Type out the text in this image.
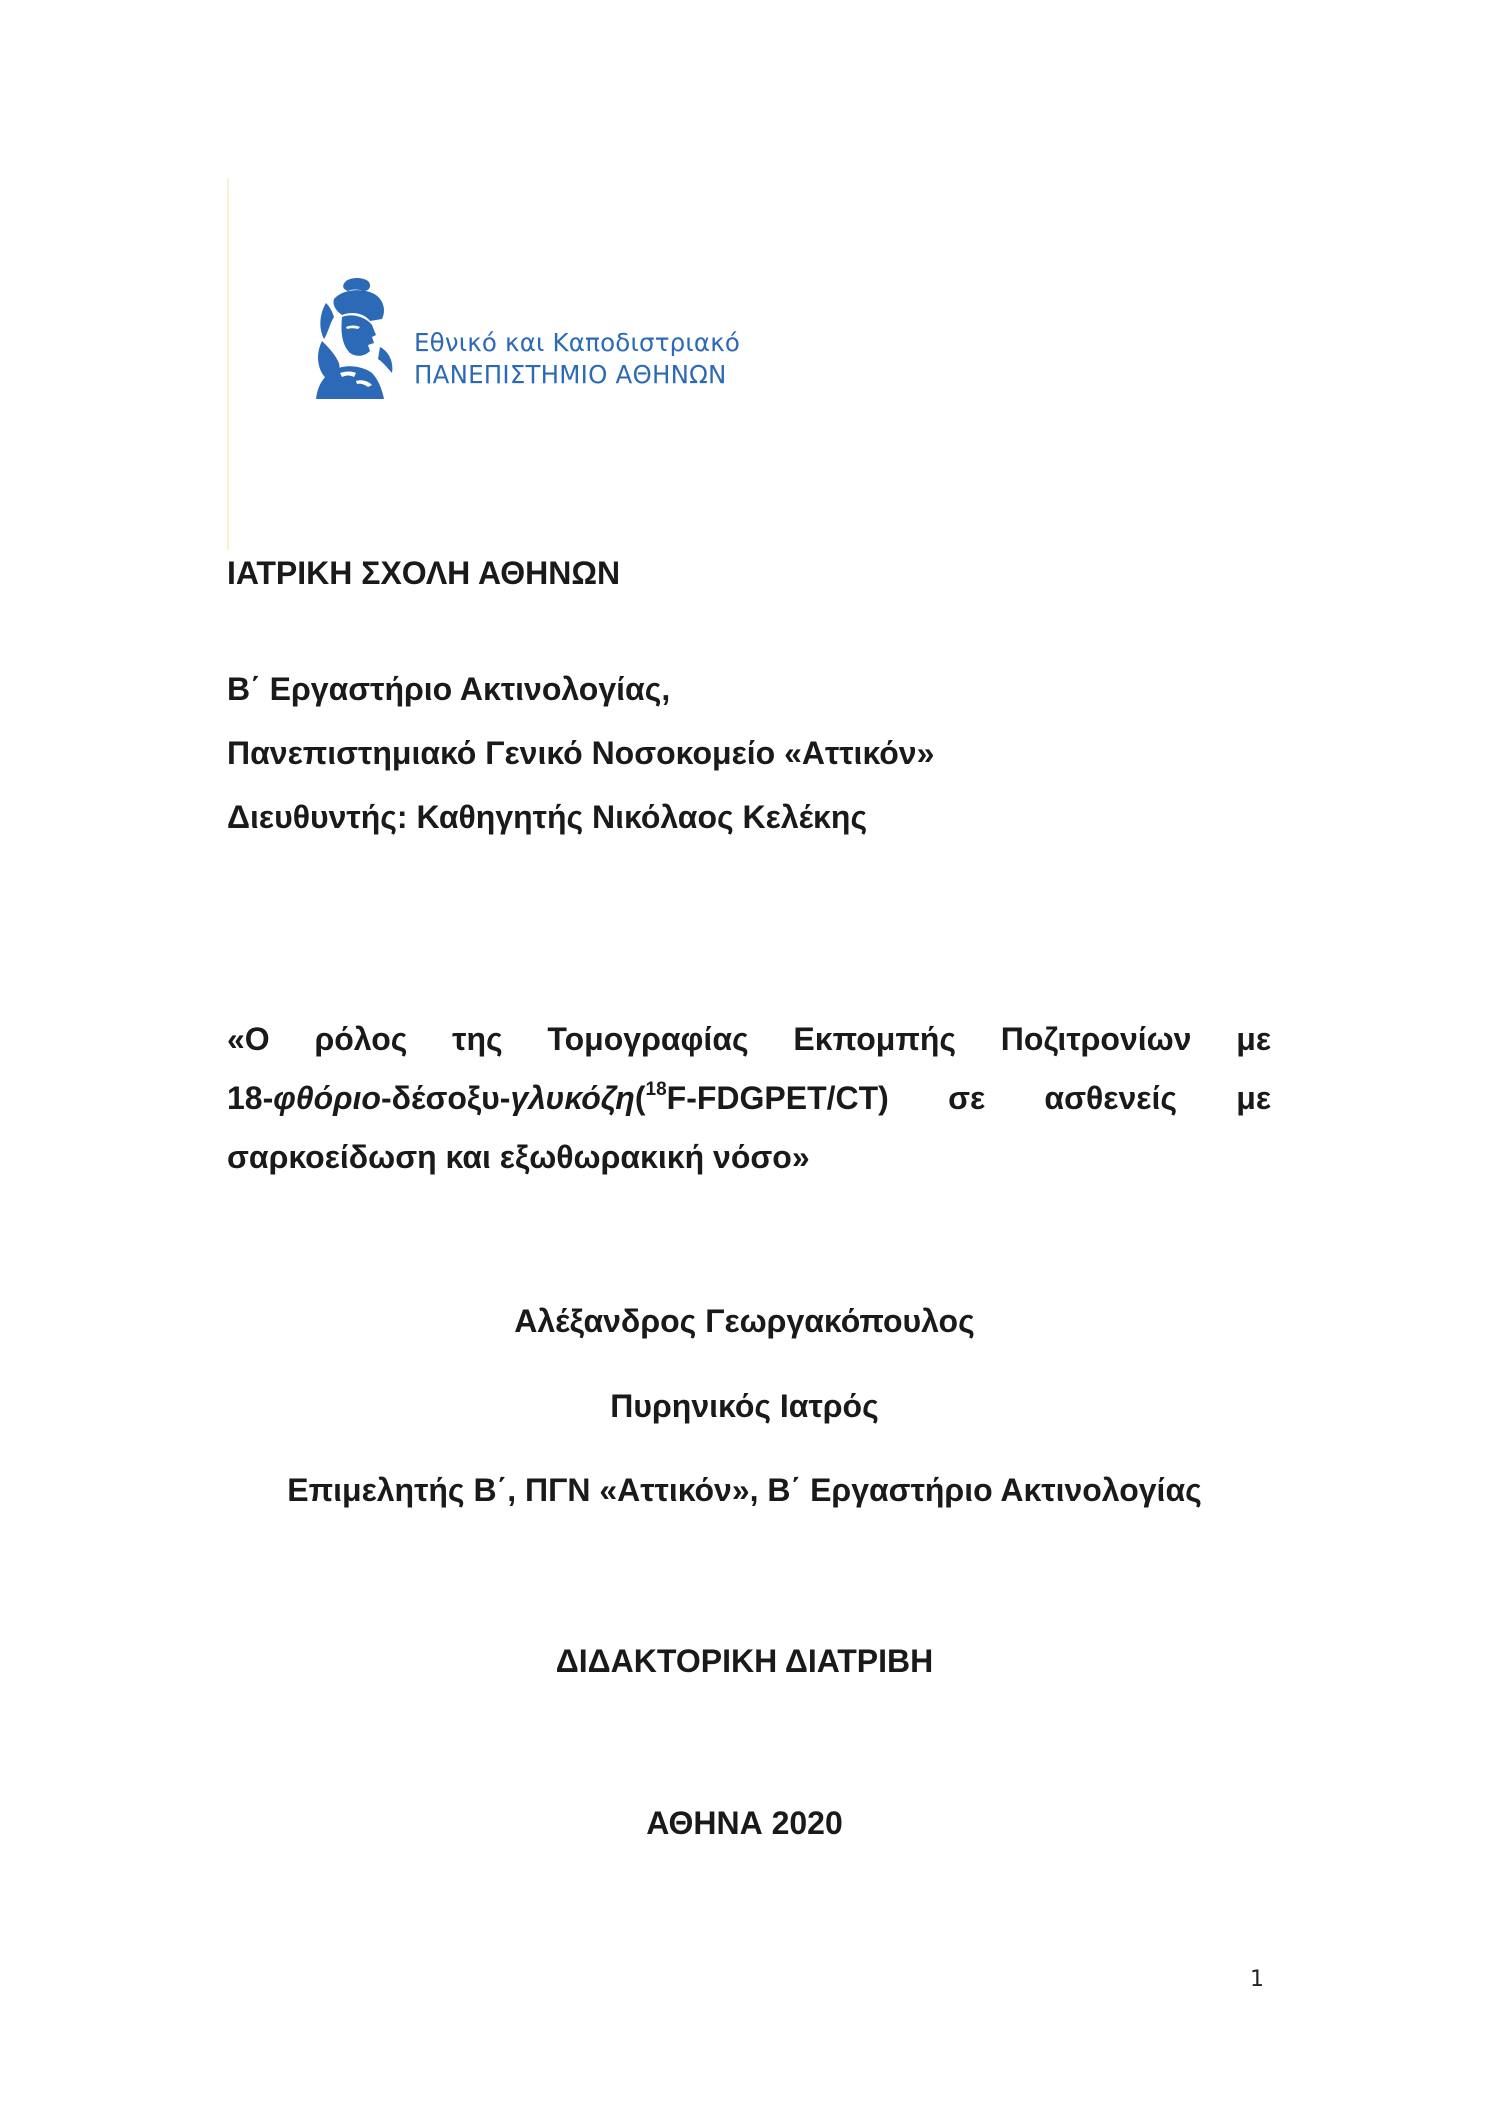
Εθνικό και Καποδιστριακό
ΠΑΝΕΠΙΣΤΗΜΙΟ ΑΘΗΝΩΝ
ΙΑΤΡΙΚΗ ΣΧΟΛΗ ΑΘΗΝΩΝ
Β΄ Εργαστήριο Ακτινολογίας,
Πανεπιστημιακό Γενικό Νοσοκομείο «Αττικόν»
Διευθυντής: Καθηγητής Νικόλαος Κελέκης
«Ο ρόλος της Τομογραφίας Εκπομπής Ποζιτρονίων με
18-φθόριο-δέσοξυ-γλυκόζη($^{18}$F-FDGPET/CT) σε ασθενείς με
σαρκοείδωση και εξωθωρακική νόσο»
Αλέξανδρος Γεωργακόπουλος
Πυρηνικός Ιατρός
Επιμελητής Β΄, ΠΓΝ «Αττικόν», Β΄ Εργαστήριο Ακτινολογίας
ΔΙΔΑΚΤΟΡΙΚΗ ΔΙΑΤΡΙΒΗ
ΑΘΗΝΑ 2020
1
